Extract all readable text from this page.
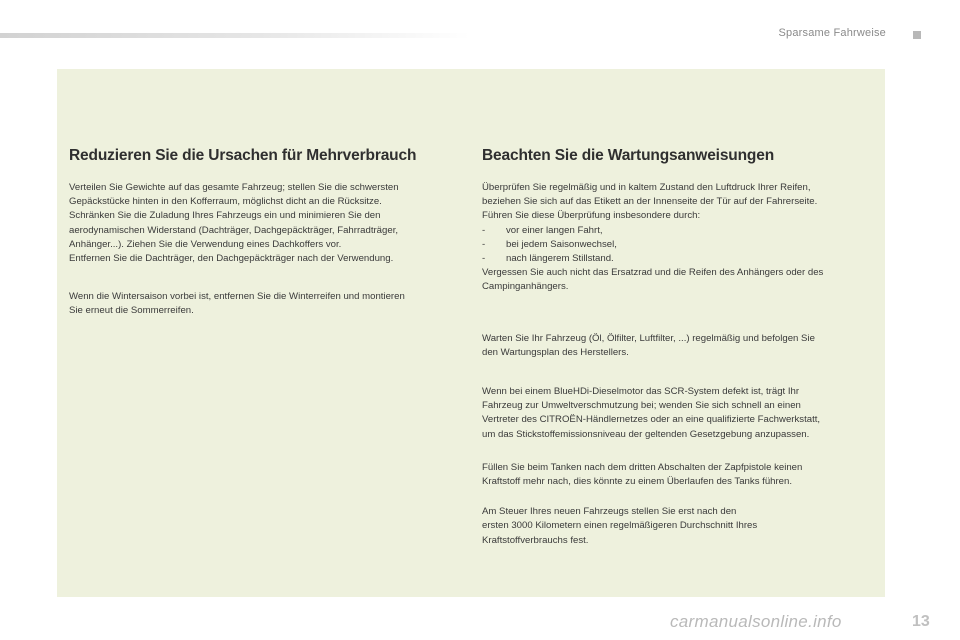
Sparsame Fahrweise
Reduzieren Sie die Ursachen für Mehrverbrauch

Verteilen Sie Gewichte auf das gesamte Fahrzeug; stellen Sie die schwersten
Gepäckstücke hinten in den Kofferraum, möglichst dicht an die Rücksitze.
Schränken Sie die Zuladung Ihres Fahrzeugs ein und minimieren Sie den
aerodynamischen Widerstand (Dachträger, Dachgepäckträger, Fahrradträger,
Anhänger...). Ziehen Sie die Verwendung eines Dachkoffers vor.
Entfernen Sie die Dachträger, den Dachgepäckträger nach der Verwendung.

Wenn die Wintersaison vorbei ist, entfernen Sie die Winterreifen und montieren
Sie erneut die Sommerreifen.

Beachten Sie die Wartungsanweisungen

Überprüfen Sie regelmäßig und in kaltem Zustand den Luftdruck Ihrer Reifen,
beziehen Sie sich auf das Etikett an der Innenseite der Tür auf der Fahrerseite.
Führen Sie diese Überprüfung insbesondere durch:

-	vor einer langen Fahrt,
-	bei jedem Saisonwechsel,
-	nach längerem Stillstand.

Vergessen Sie auch nicht das Ersatzrad und die Reifen des Anhängers oder des
Campinganhängers.

Warten Sie Ihr Fahrzeug (Öl, Ölfilter, Luftfilter, ...) regelmäßig und befolgen Sie
den Wartungsplan des Herstellers.

Wenn bei einem BlueHDi-Dieselmotor das SCR-System defekt ist, trägt Ihr
Fahrzeug zur Umweltverschmutzung bei; wenden Sie sich schnell an einen
Vertreter des CITROËN-Händlernetzes oder an eine qualifizierte Fachwerkstatt,
um das Stickstoffemissionsniveau der geltenden Gesetzgebung anzupassen.

Füllen Sie beim Tanken nach dem dritten Abschalten der Zapfpistole keinen
Kraftstoff mehr nach, dies könnte zu einem Überlaufen des Tanks führen.

Am Steuer Ihres neuen Fahrzeugs stellen Sie erst nach den
ersten 3000 Kilometern einen regelmäßigeren Durchschnitt Ihres
Kraftstoffverbrauchs fest.

carmanualsonline.info	13
